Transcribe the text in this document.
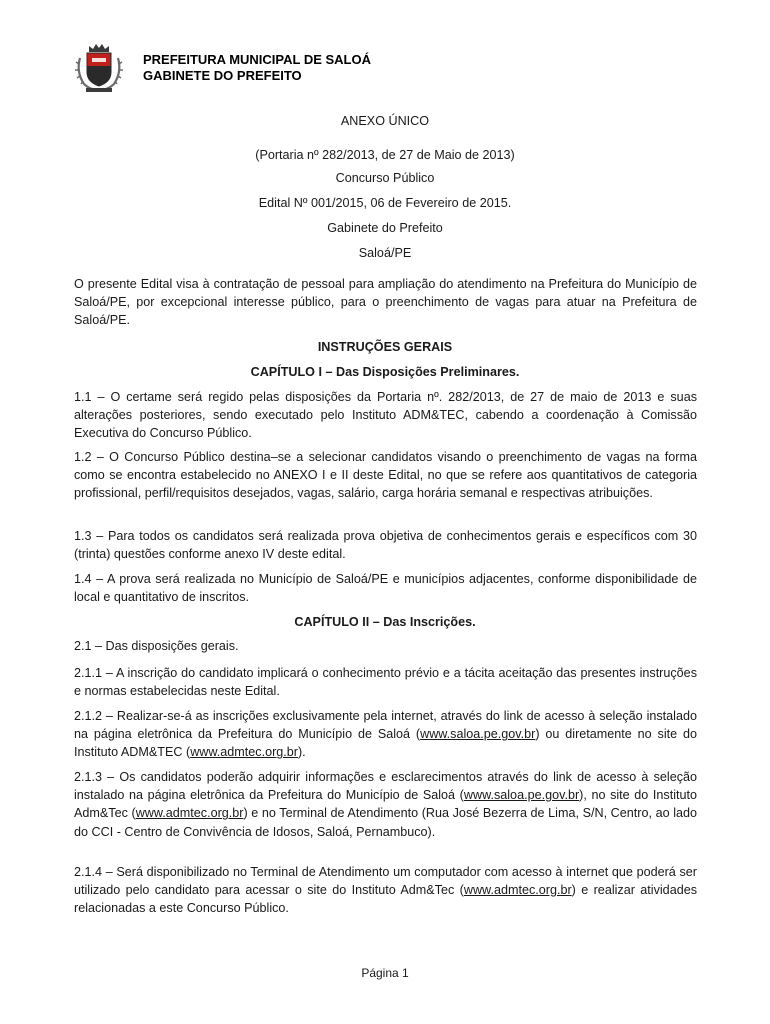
PREFEITURA MUNICIPAL DE SALOÁ
GABINETE DO PREFEITO
ANEXO ÚNICO
(Portaria nº 282/2013, de 27 de Maio de 2013)
Concurso Público
Edital Nº 001/2015, 06 de Fevereiro de 2015.
Gabinete do Prefeito
Saloá/PE
O presente Edital visa à contratação de pessoal para ampliação do atendimento na Prefeitura do Município de Saloá/PE, por excepcional interesse público, para o preenchimento de vagas para atuar na Prefeitura de Saloá/PE.
INSTRUÇÕES GERAIS
CAPÍTULO I – Das Disposições Preliminares.
1.1 – O certame será regido pelas disposições da Portaria nº. 282/2013, de 27 de maio de 2013 e suas alterações posteriores, sendo executado pelo Instituto ADM&TEC, cabendo a coordenação à Comissão Executiva do Concurso Público.
1.2 – O Concurso Público destina–se a selecionar candidatos visando o preenchimento de vagas na forma como se encontra estabelecido no ANEXO I e II deste Edital, no que se refere aos quantitativos de categoria profissional, perfil/requisitos desejados, vagas, salário, carga horária semanal e respectivas atribuições.
1.3 – Para todos os candidatos será realizada prova objetiva de conhecimentos gerais e específicos com 30 (trinta) questões conforme anexo IV deste edital.
1.4 – A prova será realizada no Município de Saloá/PE e municípios adjacentes, conforme disponibilidade de local e quantitativo de inscritos.
CAPÍTULO II – Das Inscrições.
2.1 – Das disposições gerais.
2.1.1 – A inscrição do candidato implicará o conhecimento prévio e a tácita aceitação das presentes instruções e normas estabelecidas neste Edital.
2.1.2 – Realizar-se-á as inscrições exclusivamente pela internet, através do link de acesso à seleção instalado na página eletrônica da Prefeitura do Município de Saloá (www.saloa.pe.gov.br) ou diretamente no site do Instituto ADM&TEC (www.admtec.org.br).
2.1.3 – Os candidatos poderão adquirir informações e esclarecimentos através do link de acesso à seleção instalado na página eletrônica da Prefeitura do Município de Saloá (www.saloa.pe.gov.br), no site do Instituto Adm&Tec (www.admtec.org.br) e no Terminal de Atendimento (Rua José Bezerra de Lima, S/N, Centro, ao lado do CCI - Centro de Convivência de Idosos, Saloá, Pernambuco).
2.1.4 – Será disponibilizado no Terminal de Atendimento um computador com acesso à internet que poderá ser utilizado pelo candidato para acessar o site do Instituto Adm&Tec (www.admtec.org.br) e realizar atividades relacionadas a este Concurso Público.
Página 1
